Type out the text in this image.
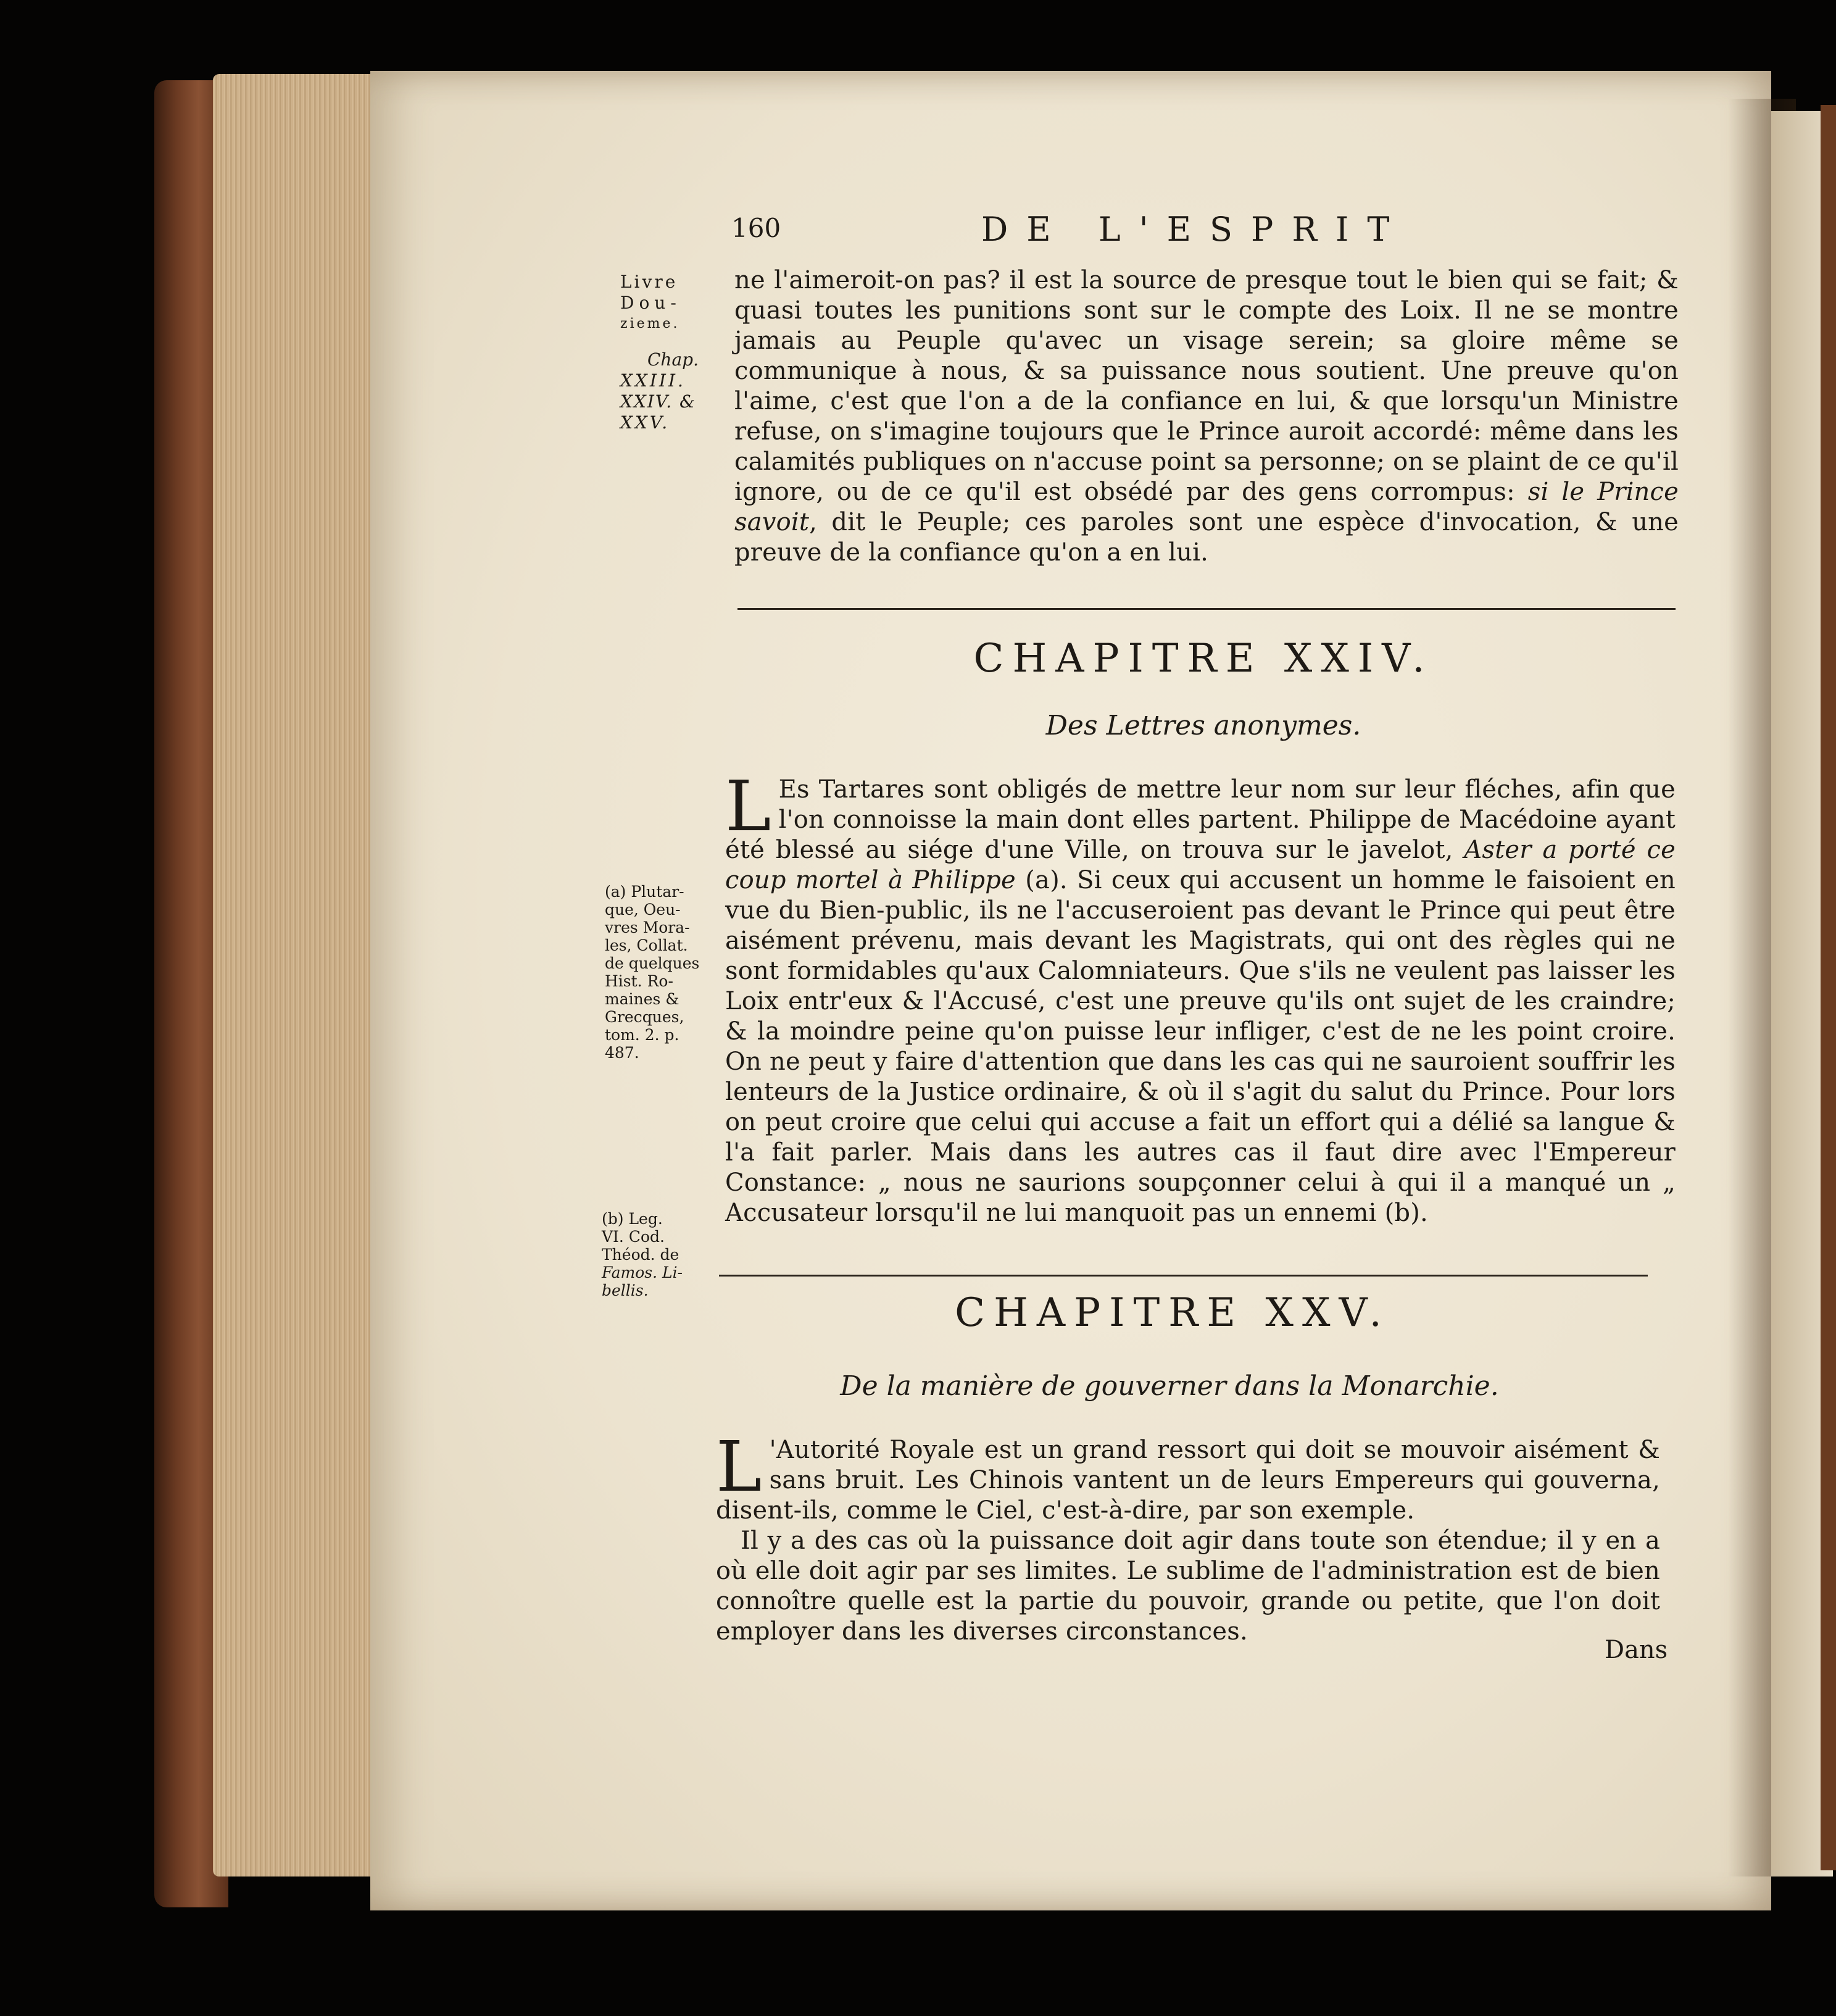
160	DE L'ESPRIT
Livre
Dou-
zieme.
Chap.
XXIII.
XXIV. &
XXV.

ne l'aimeroit-on pas? il est la source de presque tout le bien qui se fait; & quasi toutes les punitions sont sur le compte des Loix. Il ne se montre jamais au Peuple qu'avec un visage serein; sa gloire même se communique à nous, & sa puissance nous soutient. Une preuve qu'on l'aime, c'est que l'on a de la confiance en lui, & que lorsqu'un Ministre refuse, on s'imagine toujours que le Prince auroit accordé: même dans les calamités publiques on n'accuse point sa personne; on se plaint de ce qu'il ignore, ou de ce qu'il est obsédé par des gens corrompus: si le Prince savoit, dit le Peuple; ces paroles sont une espèce d'invocation, & une preuve de la confiance qu'on a en lui.

CHAPITRE XXIV.
Des Lettres anonymes.

L Es Tartares sont obligés de mettre leur nom sur leur fléches, afin que l'on connoisse la main dont elles partent. Philippe de Macédoine ayant été blessé au siége d'une Ville, on trouva sur le javelot, Aster a porté ce coup mortel à Philippe (a). Si ceux qui accusent un homme le faisoient en vue du Bien-public, ils ne l'accuseroient pas devant le Prince qui peut être aisément prévenu, mais devant les Magistrats, qui ont des règles qui ne sont formidables qu'aux Calomniateurs. Que s'ils ne veulent pas laisser les Loix entr'eux & l'Accusé, c'est une preuve qu'ils ont sujet de les craindre; & la moindre peine qu'on puisse leur infliger, c'est de ne les point croire. On ne peut y faire d'attention que dans les cas qui ne sauroient souffrir les lenteurs de la Justice ordinaire, & où il s'agit du salut du Prince. Pour lors on peut croire que celui qui accuse a fait un effort qui a délié sa langue & l'a fait parler. Mais dans les autres cas il faut dire avec l'Empereur Constance: „ nous ne saurions soupçonner celui à qui il a manqué un „ Accusateur lorsqu'il ne lui manquoit pas un ennemi (b).

(a) Plutar-
que, Oeu-
vres Mora-
les, Collat.
de quelques
Hist. Ro-
maines &
Grecques,
tom. 2. p.
487.
(b) Leg.
VI. Cod.
Théod. de
Famos. Li-
bellis.	CHAPITRE XXV.
De la manière de gouverner dans la Monarchie.

L 'Autorité Royale est un grand ressort qui doit se mouvoir aisément & sans bruit. Les Chinois vantent un de leurs Empereurs qui gouverna, disent-ils, comme le Ciel, c'est-à-dire, par son exemple.

Il y a des cas où la puissance doit agir dans toute son étendue; il y en a où elle doit agir par ses limites. Le sublime de l'administration est de bien connoître quelle est la partie du pouvoir, grande ou petite, que l'on doit employer dans les diverses circonstances.

Dans
